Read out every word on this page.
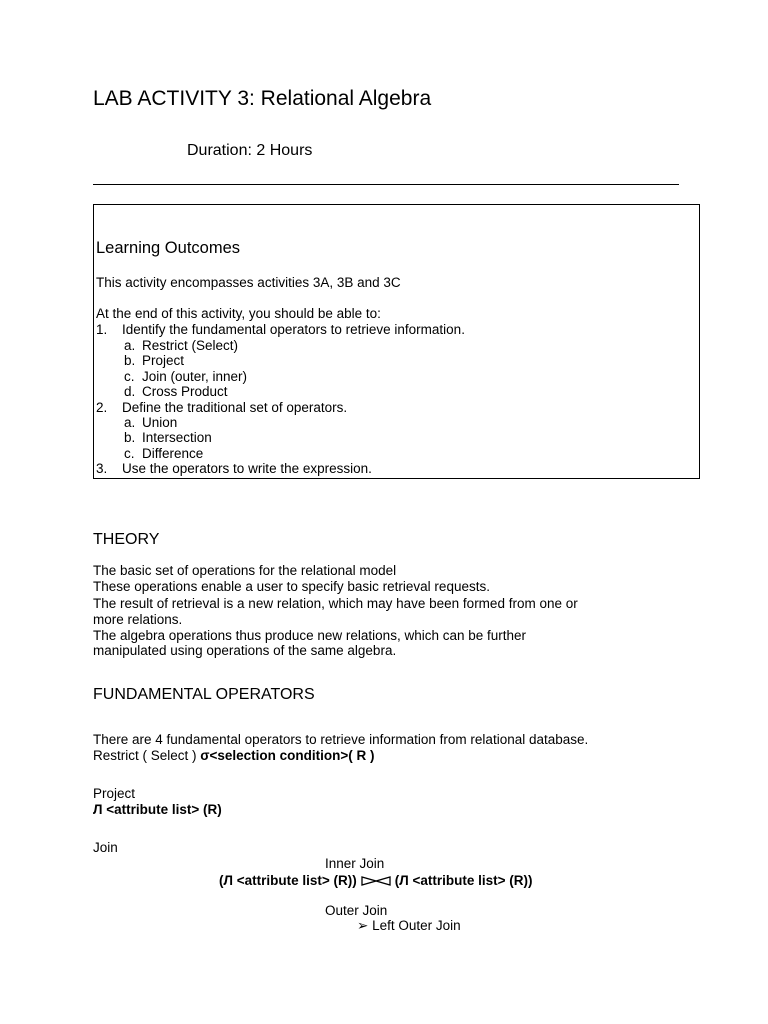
LAB ACTIVITY 3: Relational Algebra
Duration: 2 Hours
Learning Outcomes
This activity encompasses activities 3A, 3B and 3C
At the end of this activity, you should be able to:
1. Identify the fundamental operators to retrieve information.
a. Restrict (Select)
b. Project
c. Join (outer, inner)
d. Cross Product
2. Define the traditional set of operators.
a. Union
b. Intersection
c. Difference
3. Use the operators to write the expression.
THEORY
The basic set of operations for the relational model
These operations enable a user to specify basic retrieval requests.
The result of retrieval is a new relation, which may have been formed from one or
more relations.
The algebra operations thus produce new relations, which can be further
manipulated using operations of the same algebra.
FUNDAMENTAL OPERATORS
There are 4 fundamental operators to retrieve information from relational database.
Restrict ( Select ) σ<selection condition>( R )
Project
Л <attribute list> (R)
Join
Inner Join
(Л <attribute list> (R))	(Л <attribute list> (R))
Outer Join
➢ Left Outer Join
